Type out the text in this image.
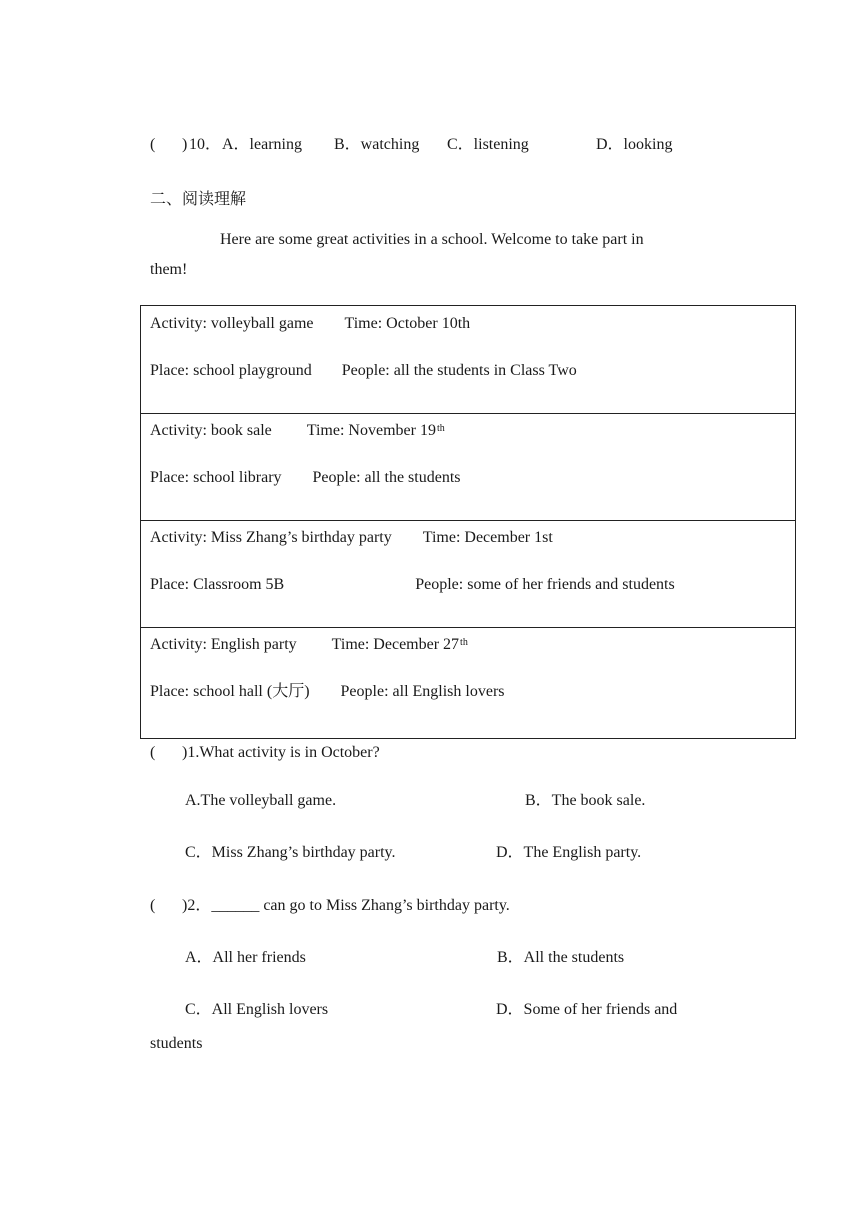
( ) 10． A．learning B．watching C．listening	D．looking
二、阅读理解
Here are some great activities in a school. Welcome to take part in
them!
Activity: volleyball game Time: October 10th
Place: school playground People: all the students in Class Two
Activity: book sale Time: November 19th
Place: school library People: all the students
Activity: Miss Zhang’s birthday party Time: December 1st
Place: Classroom 5B	People: some of her friends and students
Activity: English party Time: December 27th
Place: school hall (大厅) People: all English lovers
( )1.What activity is in October?
A.The volleyball game.	B．The book sale.
C．Miss Zhang’s birthday party.	D．The English party.
( )2．______ can go to Miss Zhang’s birthday party.
A．All her friends	B．All the students
C．All English lovers	D．Some of her friends and
students
